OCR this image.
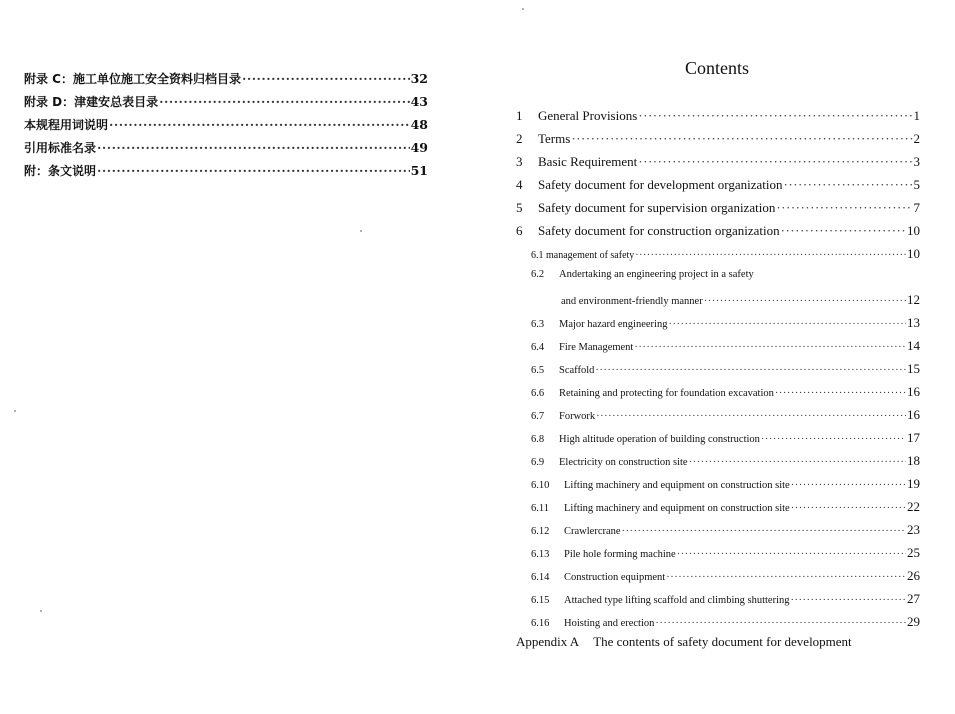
附录 C：施工单位施工安全资料归档目录 ·····	32
附录 D：津建安总表目录 ·····	43
本规程用词说明 ·····	48
引用标准名录 ·····	49
附：条文说明 ·····	51
Contents
1 General Provisions ·····	1
2 Terms ·····	2
3 Basic Requirement ·····	3
4 Safety document for development organization ·····	5
5 Safety document for supervision organization ·····	7
6 Safety document for construction organization ·····	10
6.1 management of safety ·····	10
6.2 Andertaking an engineering project in a safety
and environment-friendly manner ·····	12
6.3 Major hazard engineering ·····	13
6.4 Fire Management ·····	14
6.5 Scaffold ·····	15
6.6 Retaining and protecting for foundation excavation ·····	16
6.7 Forwork ·····	16
6.8 High altitude operation of building construction ·····	17
6.9 Electricity on construction site ·····	18
6.10 Lifting machinery and equipment on construction site ·····	19
6.11 Lifting machinery and equipment on construction site ·····	22
6.12 Crawlercrane ·····	23
6.13 Pile hole forming machine ·····	25
6.14 Construction equipment ·····	26
6.15 Attached type lifting scaffold and climbing shuttering ·····	27
6.16 Hoisting and erection ·····	29
Appendix A The contents of safety document for development
